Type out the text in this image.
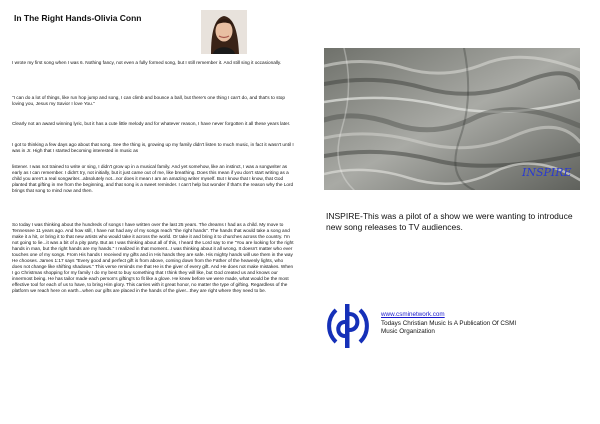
In The Right Hands-Olivia Conn

I wrote my first song when I was 6. Nothing fancy, not even a fully formed song, but I still remember it. And still sing it occasionally.

"I can do a lot of things, like run hop jump and song, I can climb and bounce a ball, but there's one thing I can't do, and that's to stop loving you, Jesus my Savior I love You."

Clearly not an award winning lyric, but it has a cute little melody and for whatever reason, I have never forgotten it all these years later.

I got to thinking a few days ago about that song. See the thing is, growing up my family didn't listen to much music, in fact it wasn't until I was in Jr. High that I started becoming interested in music as

listener. I was not trained to write or sing, I didn't grow up in a musical family. And yet somehow, like an instinct, I was a songwriter as early as I can remember. I didn't try, not initially, but it just came out of me, like breathing. Does this mean if you don't start writing as a child you aren't a real songwriter...absolutely not...nor does it mean I am an amazing writer myself. But I know that I know, that God planted that gifting in me from the beginning, and that song is a sweet reminder. I can't help but wonder if that's the reason why the Lord brings that song to mind now and then.

So today I was thinking about the hundreds of songs I have written over the last 25 years. The dreams I had as a child. My move to Tennessee 11 years ago. And how still, I have not had any of my songs reach "the right hands". The hands that would take a song and make it a hit, or bring it to that new artists who would take it across the world. Or take it and bring it to churches across the country. I'm not going to lie...it was a bit of a pity party. But as I was thinking about all of this, I heard the Lord say to me "You are looking for the right hands in man, but the right hands are my hands." I realized in that moment...I was thinking about it all wrong. It doesn't matter who ever touches one of my songs. From His hands I received my gifts and in His hands they are safe. His mighty hands will use them in the way He chooses. James 1:17 says "Every good and perfect gift is from above, coming down from the Father of the heavenly lights, who does not change like shifting shadows." This verse reminds me that He is the giver of every gift. And He does not make mistakes. When I go Christmas shopping for my family I do my best to buy something that I think they will like, but God created us and knows our innermost being. He has tailor made each person's gifting's to fit like a glove. He knew before we were made, what would be the most effective tool for each of us to have, to bring Him glory. This carries with it great honor, no matter the type of gifting. Regardless of the platform we reach here on earth...when our gifts are placed in the hands of the giver...they are right where they need to be.

INSPIRE
INSPIRE-This was a pilot of a show we were wanting to introduce new song releases to TV audiences.
www.csminetwork.com
Todays Christian Music Is A Publication Of CSMI
Music Organization
